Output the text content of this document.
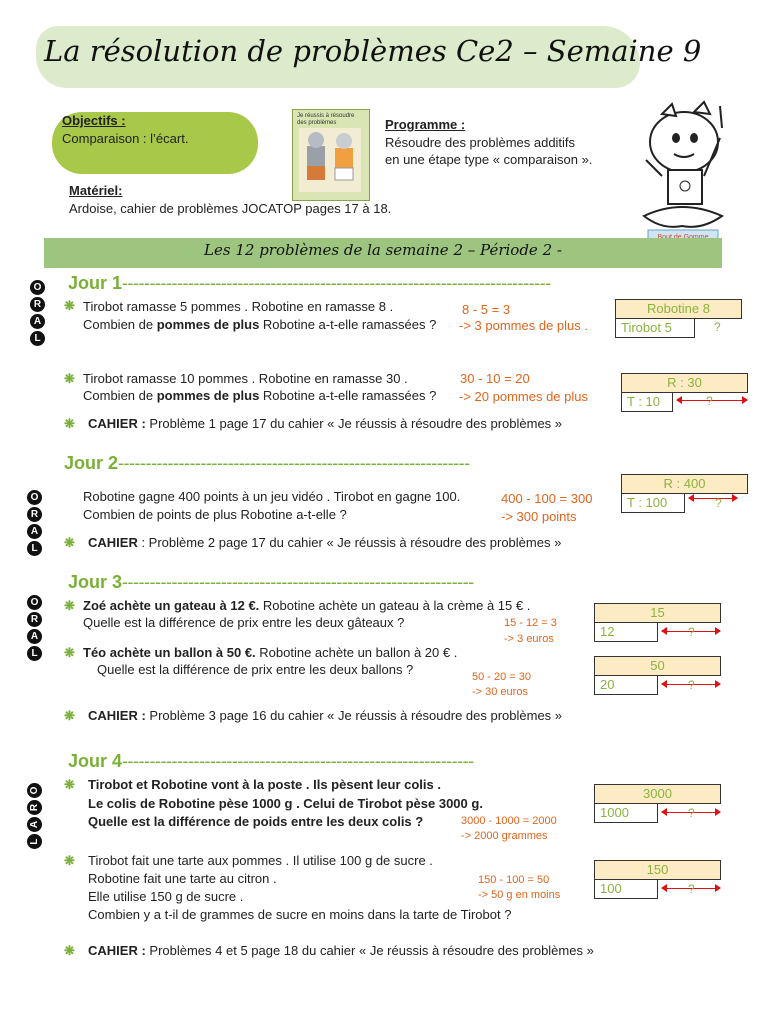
La résolution de problèmes Ce2 – Semaine 9
Objectifs :
Comparaison : l’écart.
Je réussis à résoudre
des problèmes	Programme :
Résoudre des problèmes additifs
en une étape type « comparaison ».
Matériel:
Ardoise, cahier de problèmes JOCATOP pages 17 à 18.
Les 12 problèmes de la semaine 2 – Période 2 -
O
R
A
L
O
R
A
L
O
R
A
L
O
R
A
L
Jour 1------------------------------------------------------------------------------
❋ Tirobot ramasse 5 pommes . Robotine en ramasse 8 .
Combien de pommes de plus Robotine a-t-elle ramassées ?
8 - 5 = 3
-> 3 pommes de plus .
Robotine 8
Tirobot 5	?
❋ Tirobot ramasse 10 pommes . Robotine en ramasse 30 .
Combien de pommes de plus Robotine a-t-elle ramassées ?
30 - 10 = 20
-> 20 pommes de plus
R : 30
T : 10	?
❋ CAHIER : Problème 1 page 17 du cahier « Je réussis à résoudre des problèmes »
Jour 2----------------------------------------------------------------
Robotine gagne 400 points à un jeu vidéo . Tirobot en gagne 100.
Combien de points de plus Robotine a-t-elle ?
400 - 100 = 300
-> 300 points
R : 400
T : 100	?
❋ CAHIER : Problème 2 page 17 du cahier « Je réussis à résoudre des problèmes »
Jour 3----------------------------------------------------------------
❋ Zoé achète un gateau à 12 €. Robotine achète un gateau à la crème à 15 € .
Quelle est la différence de prix entre les deux gâteaux ?	15 - 12 = 3
-> 3 euros
15
12	?
❋ Téo achète un ballon à 50 €. Robotine achète un ballon à 20 € .
Quelle est la différence de prix entre les deux ballons ?	50 - 20 = 30
-> 30 euros
50
20	?
❋ CAHIER : Problème 3 page 16 du cahier « Je réussis à résoudre des problèmes »
Jour 4----------------------------------------------------------------
❋ Tirobot et Robotine vont à la poste . Ils pèsent leur colis .
Le colis de Robotine pèse 1000 g . Celui de Tirobot pèse 3000 g.
Quelle est la différence de poids entre les deux colis ?	3000 - 1000 = 2000
-> 2000 grammes
3000
1000	?
❋ Tirobot fait une tarte aux pommes . Il utilise 100 g de sucre .
Robotine fait une tarte au citron .
Elle utilise 150 g de sucre .
Combien y a t-il de grammes de sucre en moins dans la tarte de Tirobot ?
150 - 100 = 50
-> 50 g en moins
150
100	?
❋ CAHIER : Problèmes 4 et 5 page 18 du cahier « Je réussis à résoudre des problèmes »
